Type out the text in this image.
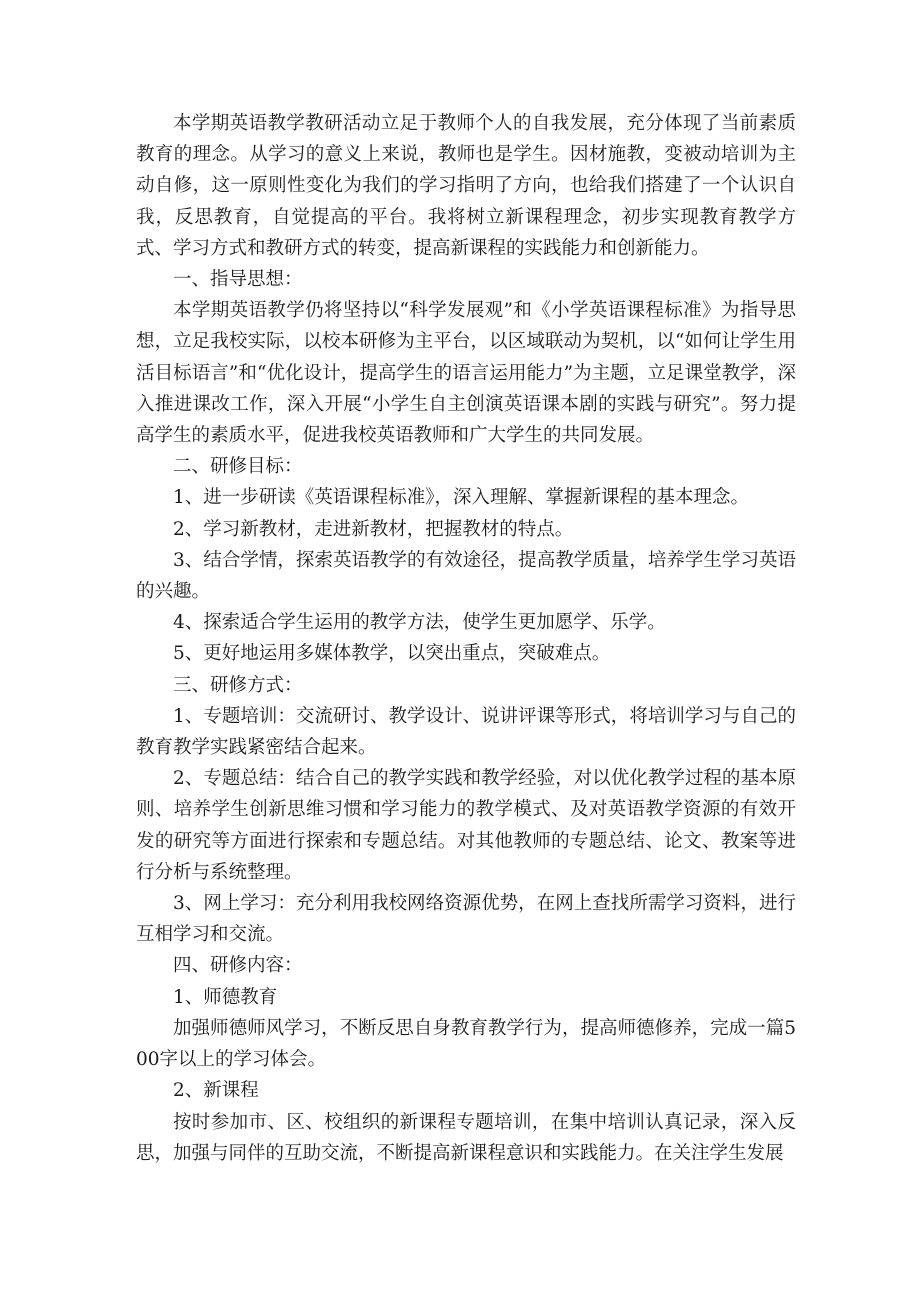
本学期英语教学教研活动立足于教师个人的自我发展，充分体现了当前素质教育的理念。从学习的意义上来说，教师也是学生。因材施教，变被动培训为主动自修，这一原则性变化为我们的学习指明了方向，也给我们搭建了一个认识自我，反思教育，自觉提高的平台。我将树立新课程理念，初步实现教育教学方式、学习方式和教研方式的转变，提高新课程的实践能力和创新能力。

一、指导思想：

本学期英语教学仍将坚持以“科学发展观”和《小学英语课程标准》为指导思想，立足我校实际，以校本研修为主平台，以区域联动为契机，以“如何让学生用活目标语言”和“优化设计，提高学生的语言运用能力”为主题，立足课堂教学，深入推进课改工作，深入开展“小学生自主创演英语课本剧的实践与研究”。努力提高学生的素质水平，促进我校英语教师和广大学生的共同发展。

二、研修目标：

1、进一步研读《英语课程标准》，深入理解、掌握新课程的基本理念。

2、学习新教材，走进新教材，把握教材的特点。

3、结合学情，探索英语教学的有效途径，提高教学质量，培养学生学习英语的兴趣。

4、探索适合学生运用的教学方法，使学生更加愿学、乐学。

5、更好地运用多媒体教学，以突出重点，突破难点。

三、研修方式：

1、专题培训：交流研讨、教学设计、说讲评课等形式，将培训学习与自己的教育教学实践紧密结合起来。

2、专题总结：结合自己的教学实践和教学经验，对以优化教学过程的基本原则、培养学生创新思维习惯和学习能力的教学模式、及对英语教学资源的有效开发的研究等方面进行探索和专题总结。对其他教师的专题总结、论文、教案等进行分析与系统整理。

3、网上学习：充分利用我校网络资源优势，在网上查找所需学习资料，进行互相学习和交流。

四、研修内容：

1、师德教育

加强师德师风学习，不断反思自身教育教学行为，提高师德修养，完成一篇500字以上的学习体会。

2、新课程

按时参加市、区、校组织的新课程专题培训，在集中培训认真记录，深入反思，加强与同伴的互助交流，不断提高新课程意识和实践能力。在关注学生发展
